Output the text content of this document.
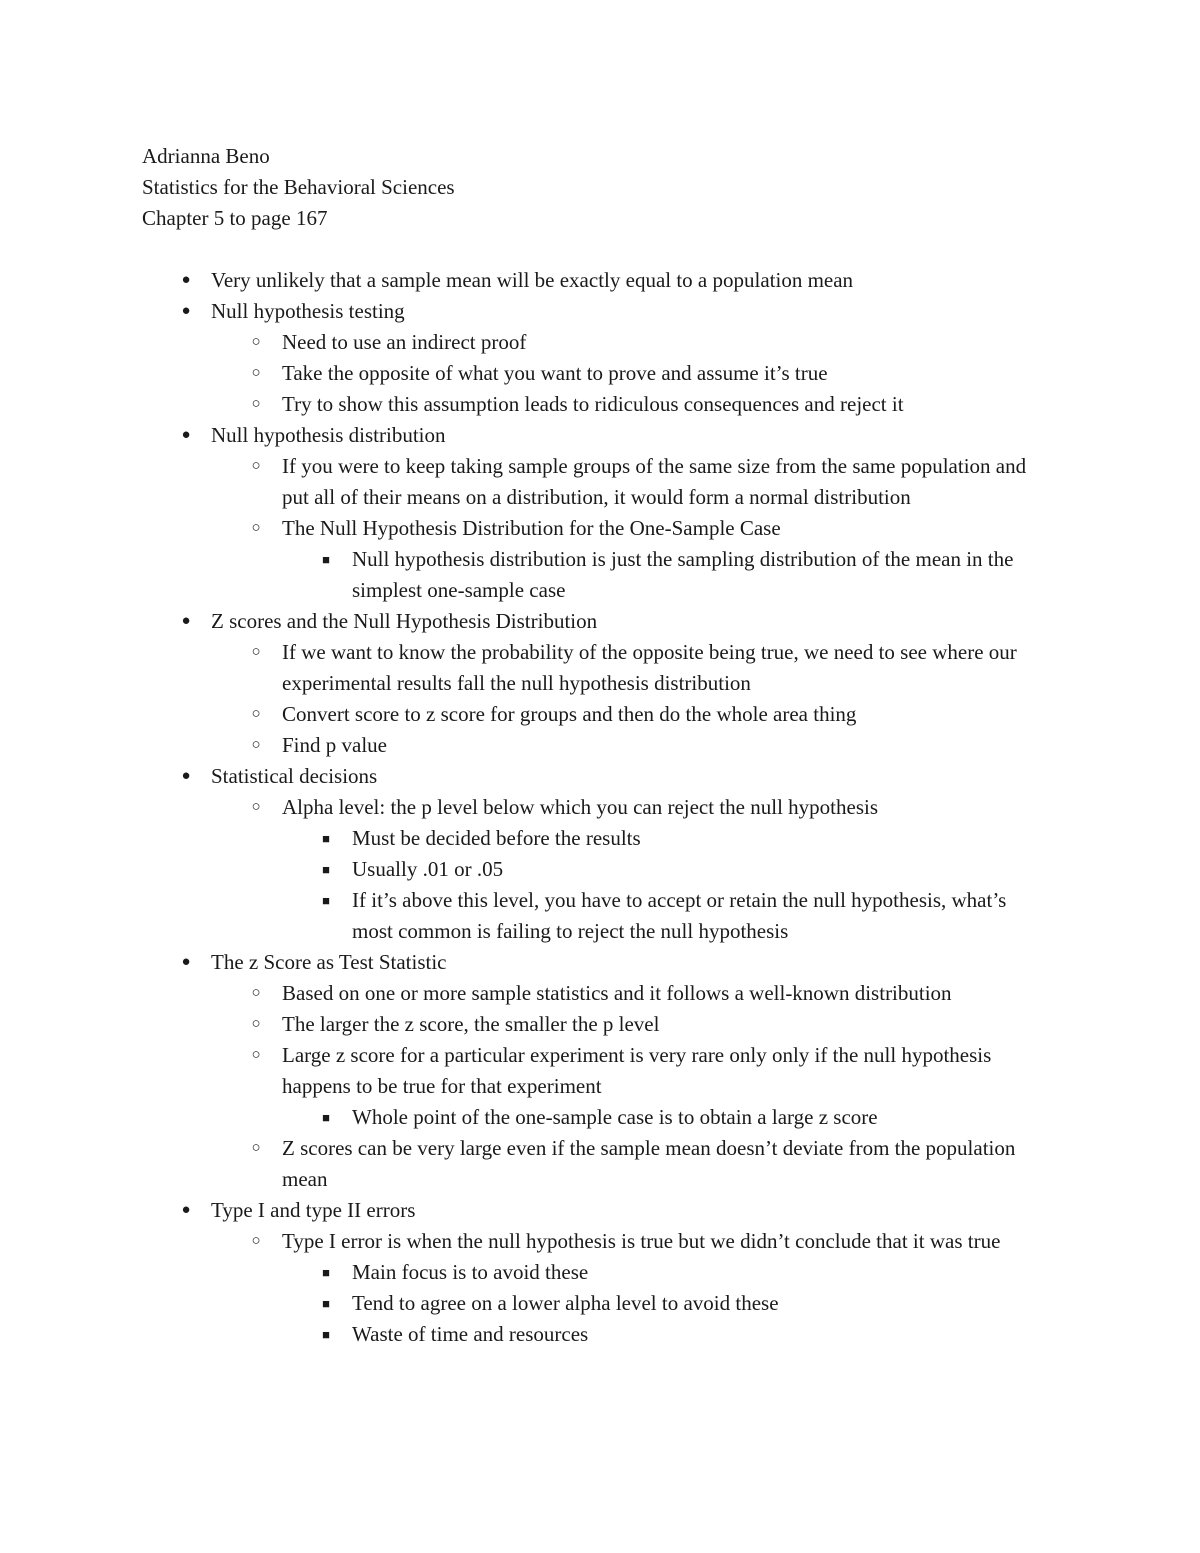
Adrianna Beno
Statistics for the Behavioral Sciences
Chapter 5 to page 167
● Very unlikely that a sample mean will be exactly equal to a population mean
● Null hypothesis testing
○ Need to use an indirect proof
○ Take the opposite of what you want to prove and assume it’s true
○ Try to show this assumption leads to ridiculous consequences and reject it
● Null hypothesis distribution
○ If you were to keep taking sample groups of the same size from the same population and put all of their means on a distribution, it would form a normal distribution
○ The Null Hypothesis Distribution for the One-Sample Case
■ Null hypothesis distribution is just the sampling distribution of the mean in the simplest one-sample case
● Z scores and the Null Hypothesis Distribution
○ If we want to know the probability of the opposite being true, we need to see where our experimental results fall the null hypothesis distribution
○ Convert score to z score for groups and then do the whole area thing
○ Find p value
● Statistical decisions
○ Alpha level: the p level below which you can reject the null hypothesis
■ Must be decided before the results
■ Usually .01 or .05
■ If it’s above this level, you have to accept or retain the null hypothesis, what’s most common is failing to reject the null hypothesis
● The z Score as Test Statistic
○ Based on one or more sample statistics and it follows a well-known distribution
○ The larger the z score, the smaller the p level
○ Large z score for a particular experiment is very rare only only if the null hypothesis happens to be true for that experiment
■ Whole point of the one-sample case is to obtain a large z score
○ Z scores can be very large even if the sample mean doesn’t deviate from the population mean
● Type I and type II errors
○ Type I error is when the null hypothesis is true but we didn’t conclude that it was true
■ Main focus is to avoid these
■ Tend to agree on a lower alpha level to avoid these
■ Waste of time and resources
